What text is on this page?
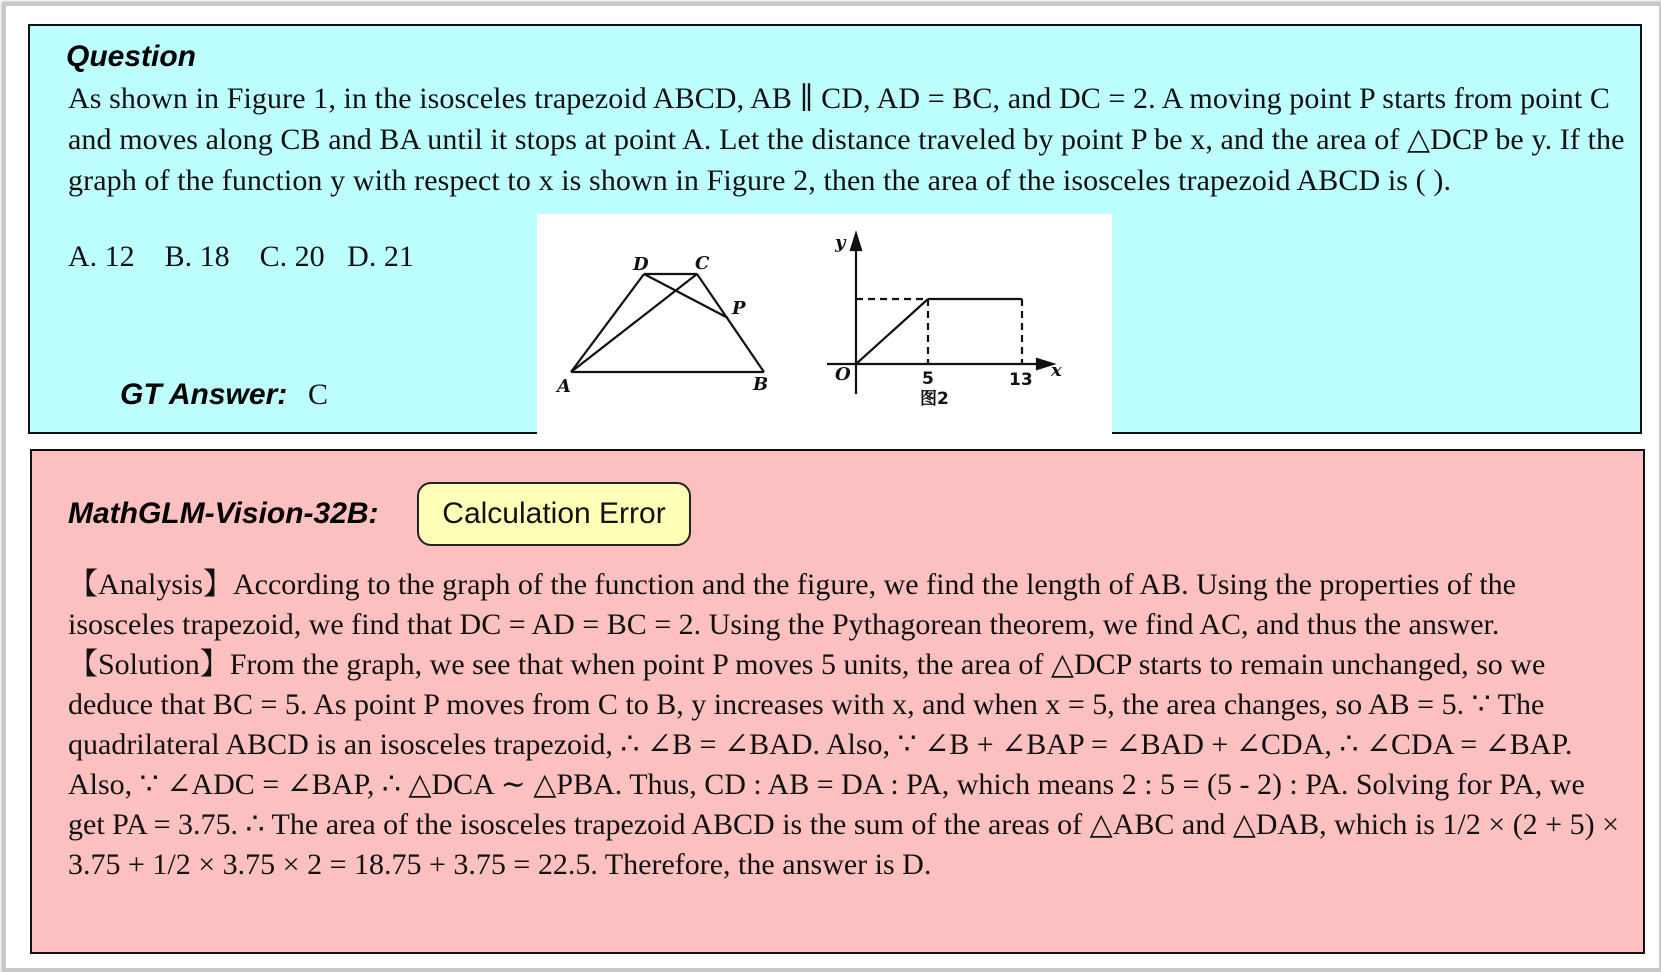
Question
As shown in Figure 1, in the isosceles trapezoid ABCD, AB ∥ CD, AD = BC, and DC = 2. A moving point P starts from point C and moves along CB and BA until it stops at point A. Let the distance traveled by point P be x, and the area of △DCP be y. If the graph of the function y with respect to x is shown in Figure 2, then the area of the isosceles trapezoid ABCD is ( ).
A. 12    B. 18    C. 20   D. 21
GT Answer: C
D	C
P
A	B
y
x
O	5	13
图2
MathGLM-Vision-32B:	Calculation Error

【Analysis】According to the graph of the function and the figure, we find the length of AB. Using the properties of the isosceles trapezoid, we find that DC = AD = BC = 2. Using the Pythagorean theorem, we find AC, and thus the answer.

【Solution】From the graph, we see that when point P moves 5 units, the area of △DCP starts to remain unchanged, so we deduce that BC = 5. As point P moves from C to B, y increases with x, and when x = 5, the area changes, so AB = 5. ∵ The quadrilateral ABCD is an isosceles trapezoid, ∴ ∠B = ∠BAD. Also, ∵ ∠B + ∠BAP = ∠BAD + ∠CDA, ∴ ∠CDA = ∠BAP. Also, ∵ ∠ADC = ∠BAP, ∴ △DCA ∼ △PBA. Thus, CD : AB = DA : PA, which means 2 : 5 = (5 - 2) : PA. Solving for PA, we get PA = 3.75. ∴ The area of the isosceles trapezoid ABCD is the sum of the areas of △ABC and △DAB, which is 1/2 × (2 + 5) × 3.75 + 1/2 × 3.75 × 2 = 18.75 + 3.75 = 22.5. Therefore, the answer is D.
